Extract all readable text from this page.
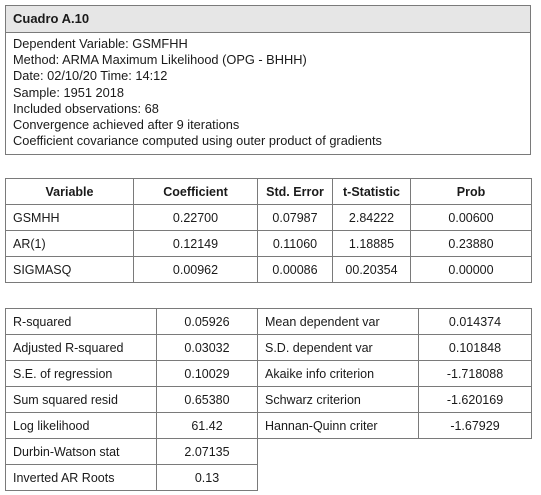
Cuadro A.10
Dependent Variable: GSMFHH
Method: ARMA Maximum Likelihood (OPG - BHHH)
Date: 02/10/20 Time: 14:12
Sample: 1951 2018
Included observations: 68
Convergence achieved after 9 iterations
Coefficient covariance computed using outer product of gradients
Variable	Coefficient	Std. Error	t-Statistic	Prob
GSMHH	0.22700	0.07987	2.84222	0.00600
AR(1)	0.12149	0.11060	1.18885	0.23880
SIGMASQ	0.00962	0.00086	00.20354	0.00000
R-squared	0.05926	Mean dependent var	0.014374
Adjusted R-squared	0.03032	S.D. dependent var	0.101848
S.E. of regression	0.10029	Akaike info criterion	-1.718088
Sum squared resid	0.65380	Schwarz criterion	-1.620169
Log likelihood	61.42	Hannan-Quinn criter	-1.67929
Durbin-Watson stat	2.07135		
Inverted AR Roots	0.13		
